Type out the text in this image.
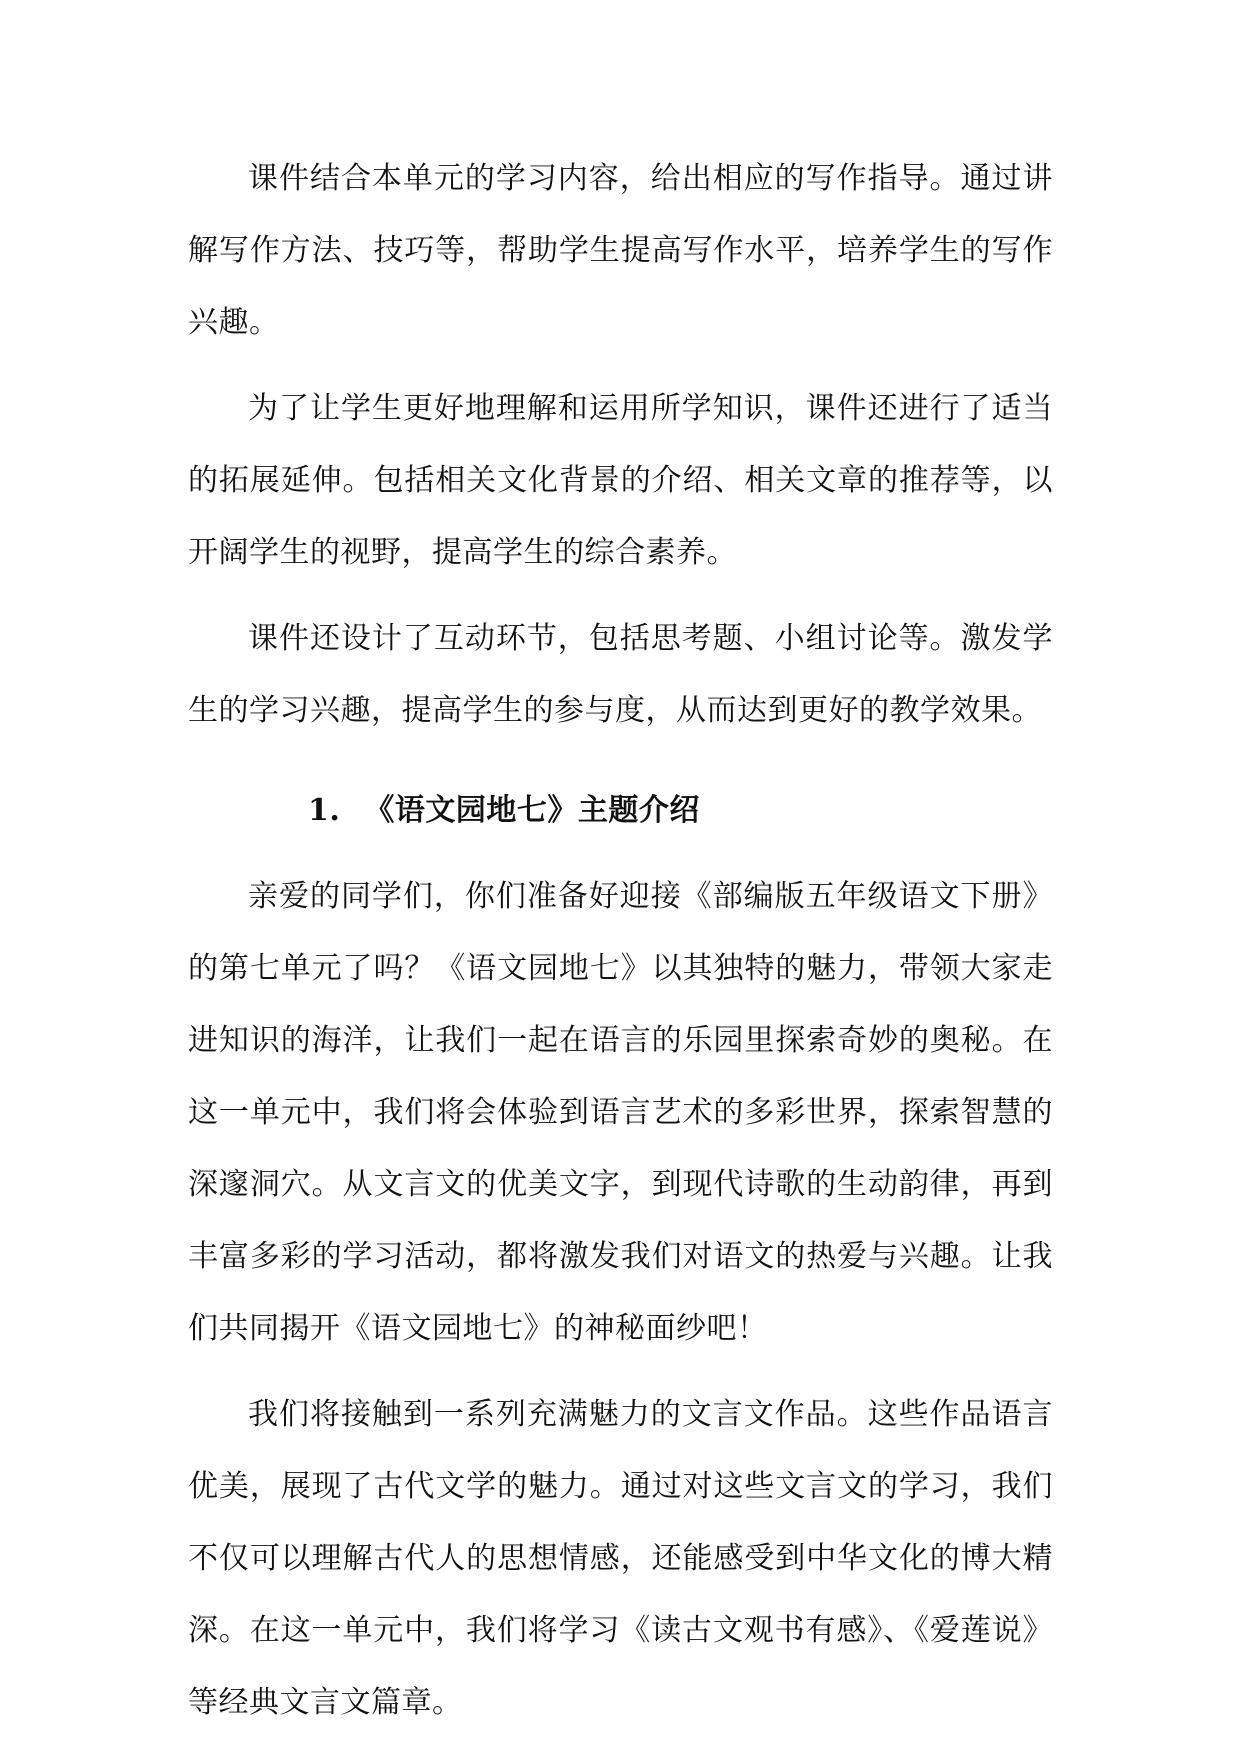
课件结合本单元的学习内容，给出相应的写作指导。通过讲解写作方法、技巧等，帮助学生提高写作水平，培养学生的写作兴趣。

为了让学生更好地理解和运用所学知识，课件还进行了适当的拓展延伸。包括相关文化背景的介绍、相关文章的推荐等，以开阔学生的视野，提高学生的综合素养。

课件还设计了互动环节，包括思考题、小组讨论等。激发学生的学习兴趣，提高学生的参与度，从而达到更好的教学效果。

1. 《语文园地七》主题介绍

亲爱的同学们，你们准备好迎接《部编版五年级语文下册》的第七单元了吗？《语文园地七》以其独特的魅力，带领大家走进知识的海洋，让我们一起在语言的乐园里探索奇妙的奥秘。在这一单元中，我们将会体验到语言艺术的多彩世界，探索智慧的深邃洞穴。从文言文的优美文字，到现代诗歌的生动韵律，再到丰富多彩的学习活动，都将激发我们对语文的热爱与兴趣。让我们共同揭开《语文园地七》的神秘面纱吧！

我们将接触到一系列充满魅力的文言文作品。这些作品语言优美，展现了古代文学的魅力。通过对这些文言文的学习，我们不仅可以理解古代人的思想情感，还能感受到中华文化的博大精深。在这一单元中，我们将学习《读古文观书有感》、《爱莲说》等经典文言文篇章。
